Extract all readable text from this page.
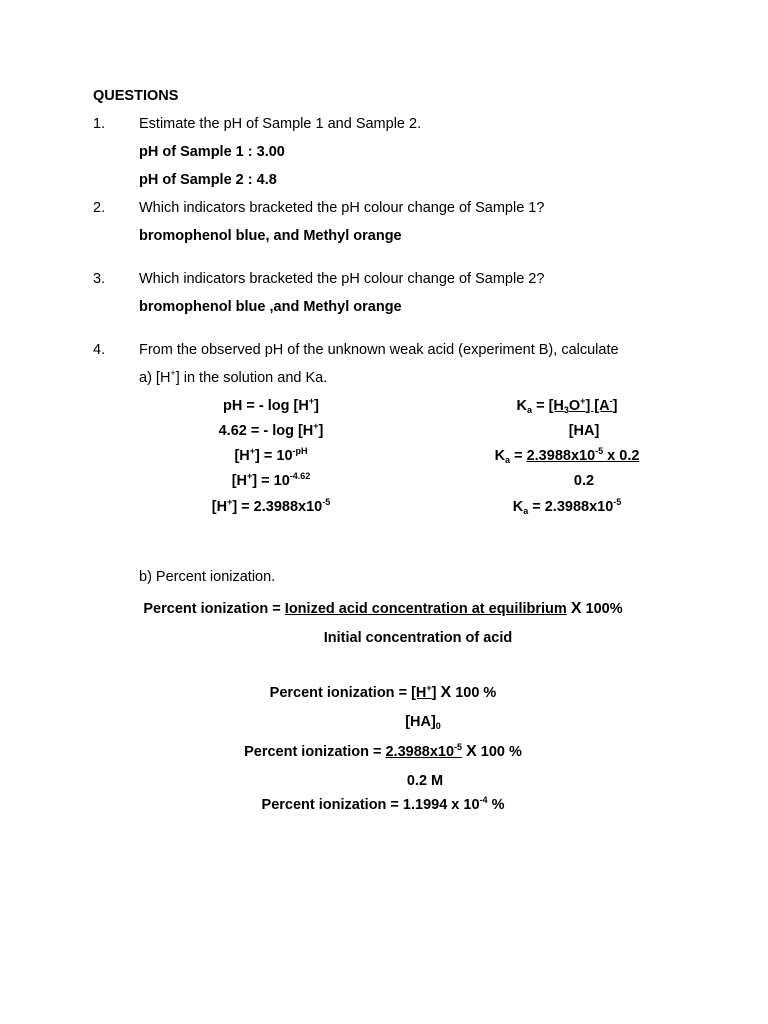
QUESTIONS
1. Estimate the pH of Sample 1 and Sample 2.
pH of Sample 1 : 3.00
pH of Sample 2 : 4.8
2. Which indicators bracketed the pH colour change of Sample 1?
bromophenol blue, and Methyl orange
3. Which indicators bracketed the pH colour change of Sample 2?
bromophenol blue ,and Methyl orange
4. From the observed pH of the unknown weak acid (experiment B), calculate
a) [H+] in the solution and Ka.
pH = - log [H+]
4.62 = - log [H+]
$[H^+] = 10^{-pH}$
$[H^+] = 10^{-4.62}$
$[H^+] = 2.3988x10^{-5}$
$K_a = [H_3O^+]$ [A-]
[HA]
$K_a = 2.3988x10^{-5}$ x 0.2
0.2
$K_a = 2.3988x10^{-5}$
b) Percent ionization.
Percent ionization = Ionized acid concentration at equilibrium X 100%
Initial concentration of acid
Percent ionization = [H+] X 100 %
$[HA]_0$
Percent ionization = $2.3988x10^{-5}$ X 100 %
0.2 M
Percent ionization = 1.1994 x $10^{-4}$ %
